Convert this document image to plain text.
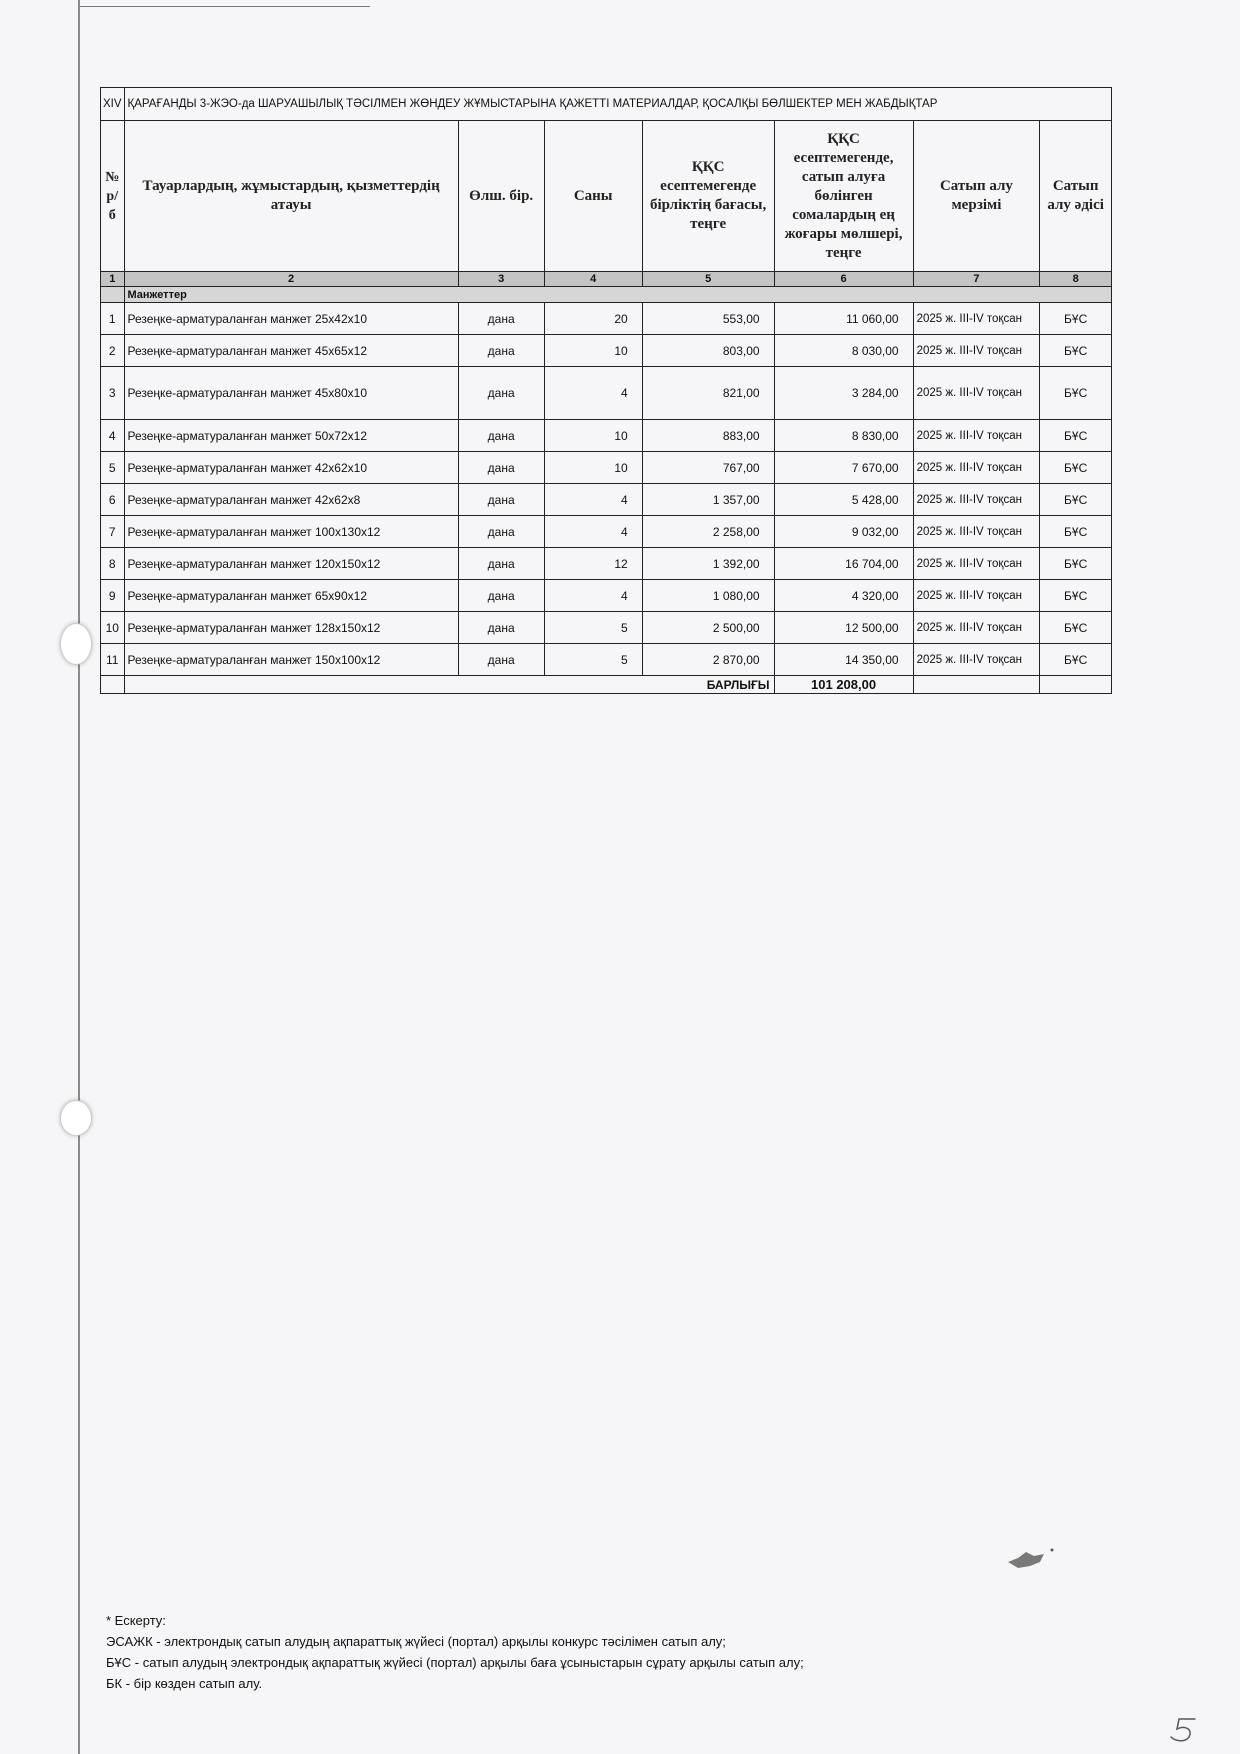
XIV	ҚАРАҒАНДЫ 3-ЖЭО-да ШАРУАШЫЛЫҚ ТӘСІЛМЕН ЖӨНДЕУ ЖҰМЫСТАРЫНА ҚАЖЕТТІ МАТЕРИАЛДАР, ҚОСАЛҚЫ БӨЛШЕКТЕР МЕН ЖАБДЫҚТАР						
№ р/б	Тауарлардың, жұмыстардың, қызметтердің атауы	Өлш. бір.	Саны	ҚҚС есептемегенде бірліктің бағасы, теңге	ҚҚС есептемегенде, сатып алуға бөлінген сомалардың ең жоғары мөлшері, теңге	Сатып алу мерзімі	Сатып алу әдісі
1	2	3	4	5	6	7	8
	Манжеттер						
1	Резеңке-арматураланған манжет 25х42х10	дана	20	553,00	11 060,00	2025 ж. III-IV тоқсан	БҰС
2	Резеңке-арматураланған манжет 45х65х12	дана	10	803,00	8 030,00	2025 ж. III-IV тоқсан	БҰС
3	Резеңке-арматураланған манжет 45х80х10	дана	4	821,00	3 284,00	2025 ж. III-IV тоқсан	БҰС
4	Резеңке-арматураланған манжет 50х72х12	дана	10	883,00	8 830,00	2025 ж. III-IV тоқсан	БҰС
5	Резеңке-арматураланған манжет 42х62х10	дана	10	767,00	7 670,00	2025 ж. III-IV тоқсан	БҰС
6	Резеңке-арматураланған манжет 42х62х8	дана	4	1 357,00	5 428,00	2025 ж. III-IV тоқсан	БҰС
7	Резеңке-арматураланған манжет 100х130х12	дана	4	2 258,00	9 032,00	2025 ж. III-IV тоқсан	БҰС
8	Резеңке-арматураланған манжет 120х150х12	дана	12	1 392,00	16 704,00	2025 ж. III-IV тоқсан	БҰС
9	Резеңке-арматураланған манжет 65х90х12	дана	4	1 080,00	4 320,00	2025 ж. III-IV тоқсан	БҰС
10	Резеңке-арматураланған манжет 128х150х12	дана	5	2 500,00	12 500,00	2025 ж. III-IV тоқсан	БҰС
11	Резеңке-арматураланған манжет 150х100х12	дана	5	2 870,00	14 350,00	2025 ж. III-IV тоқсан	БҰС
	БАРЛЫҒЫ				101 208,00		
* Ескерту:
ЭСАЖК - электрондық сатып алудың ақпараттық жүйесі (портал) арқылы конкурс тәсілімен сатып алу;
БҰС - сатып алудың электрондық ақпараттық жүйесі (портал) арқылы баға ұсыныстарын сұрату арқылы сатып алу;
БК - бір көзден сатып алу.
